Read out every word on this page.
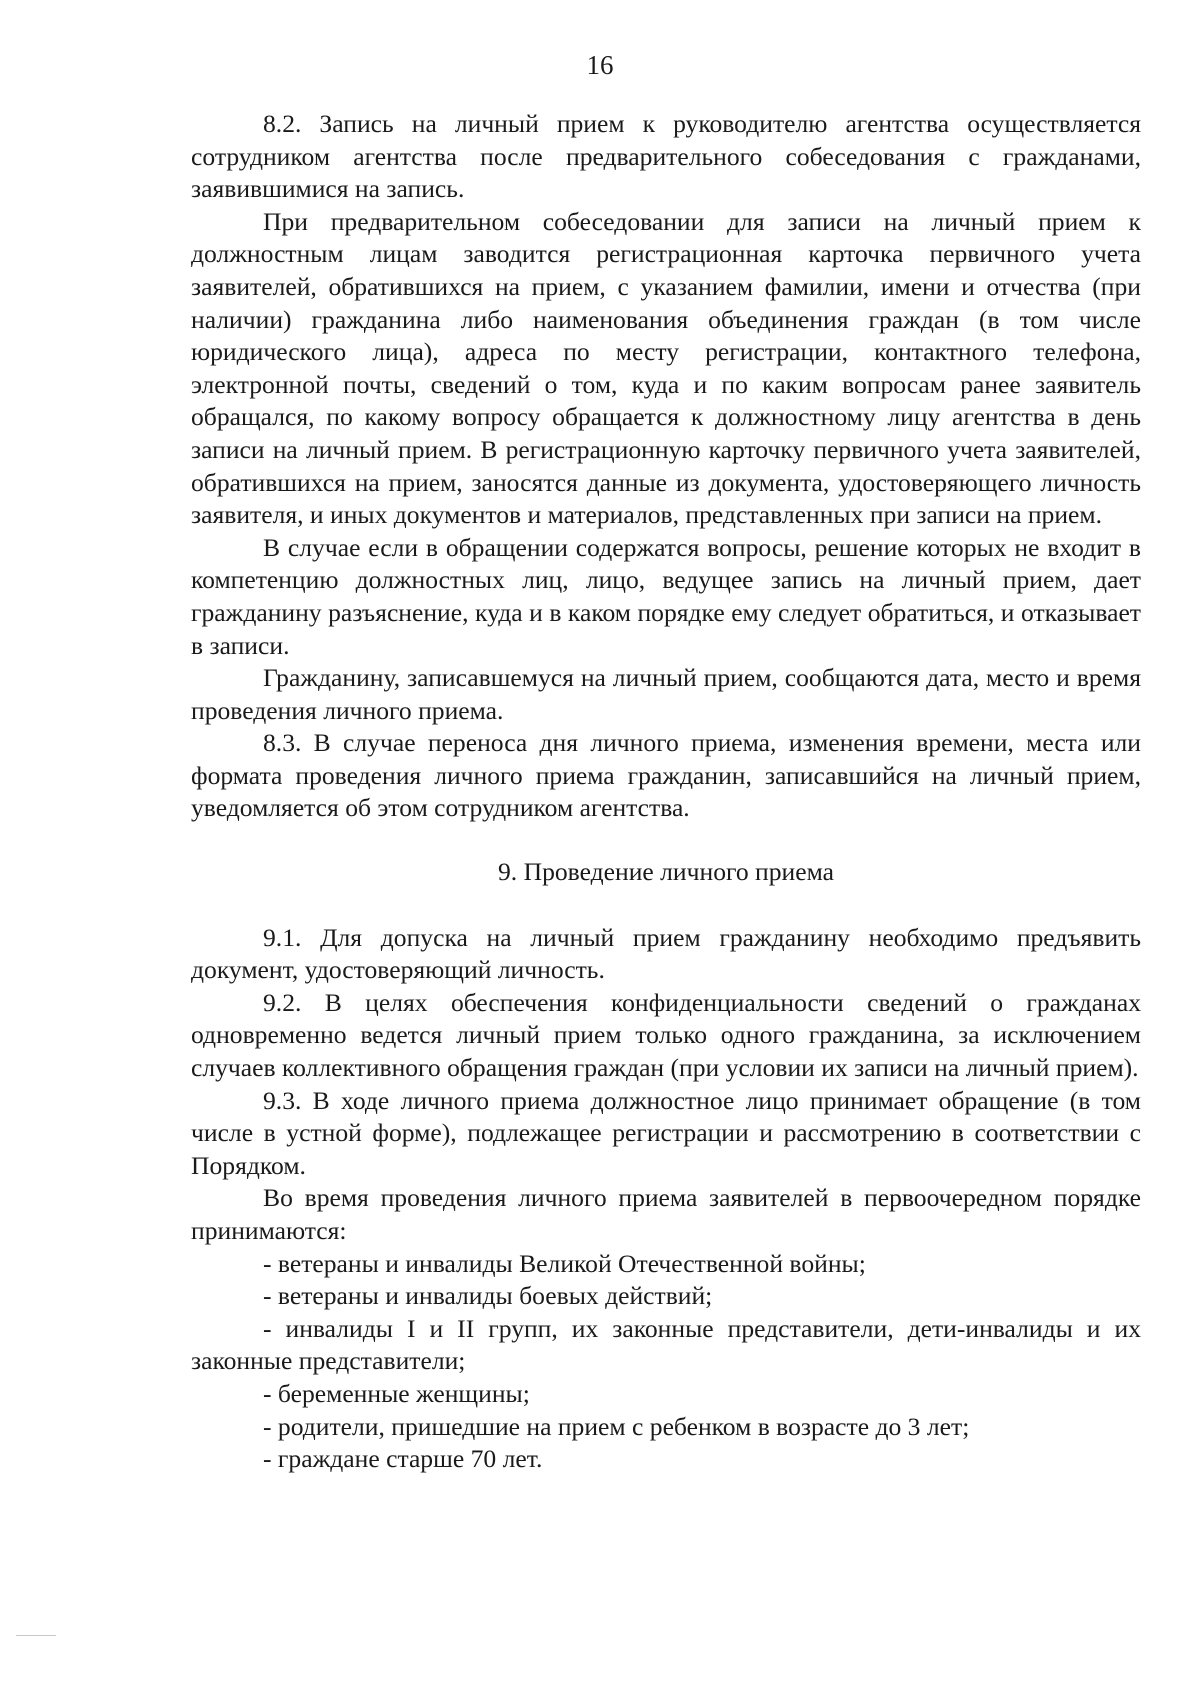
16

8.2. Запись на личный прием к руководителю агентства осуществляется сотрудником агентства после предварительного собеседования с гражданами, заявившимися на запись.

При предварительном собеседовании для записи на личный прием к должностным лицам заводится регистрационная карточка первичного учета заявителей, обратившихся на прием, с указанием фамилии, имени и отчества (при наличии) гражданина либо наименования объединения граждан (в том числе юридического лица), адреса по месту регистрации, контактного телефона, электронной почты, сведений о том, куда и по каким вопросам ранее заявитель обращался, по какому вопросу обращается к должностному лицу агентства в день записи на личный прием. В регистрационную карточку первичного учета заявителей, обратившихся на прием, заносятся данные из документа, удостоверяющего личность заявителя, и иных документов и материалов, представленных при записи на прием.

В случае если в обращении содержатся вопросы, решение которых не входит в компетенцию должностных лиц, лицо, ведущее запись на личный прием, дает гражданину разъяснение, куда и в каком порядке ему следует обратиться, и отказывает в записи.

Гражданину, записавшемуся на личный прием, сообщаются дата, место и время проведения личного приема.

8.3. В случае переноса дня личного приема, изменения времени, места или формата проведения личного приема гражданин, записавшийся на личный прием, уведомляется об этом сотрудником агентства.

9. Проведение личного приема

9.1. Для допуска на личный прием гражданину необходимо предъявить документ, удостоверяющий личность.

9.2. В целях обеспечения конфиденциальности сведений о гражданах одновременно ведется личный прием только одного гражданина, за исключением случаев коллективного обращения граждан (при условии их записи на личный прием).

9.3. В ходе личного приема должностное лицо принимает обращение (в том числе в устной форме), подлежащее регистрации и рассмотрению в соответствии с Порядком.

Во время проведения личного приема заявителей в первоочередном порядке принимаются:

- ветераны и инвалиды Великой Отечественной войны;

- ветераны и инвалиды боевых действий;

- инвалиды I и II групп, их законные представители, дети-инвалиды и их законные представители;

- беременные женщины;

- родители, пришедшие на прием с ребенком в возрасте до 3 лет;

- граждане старше 70 лет.
